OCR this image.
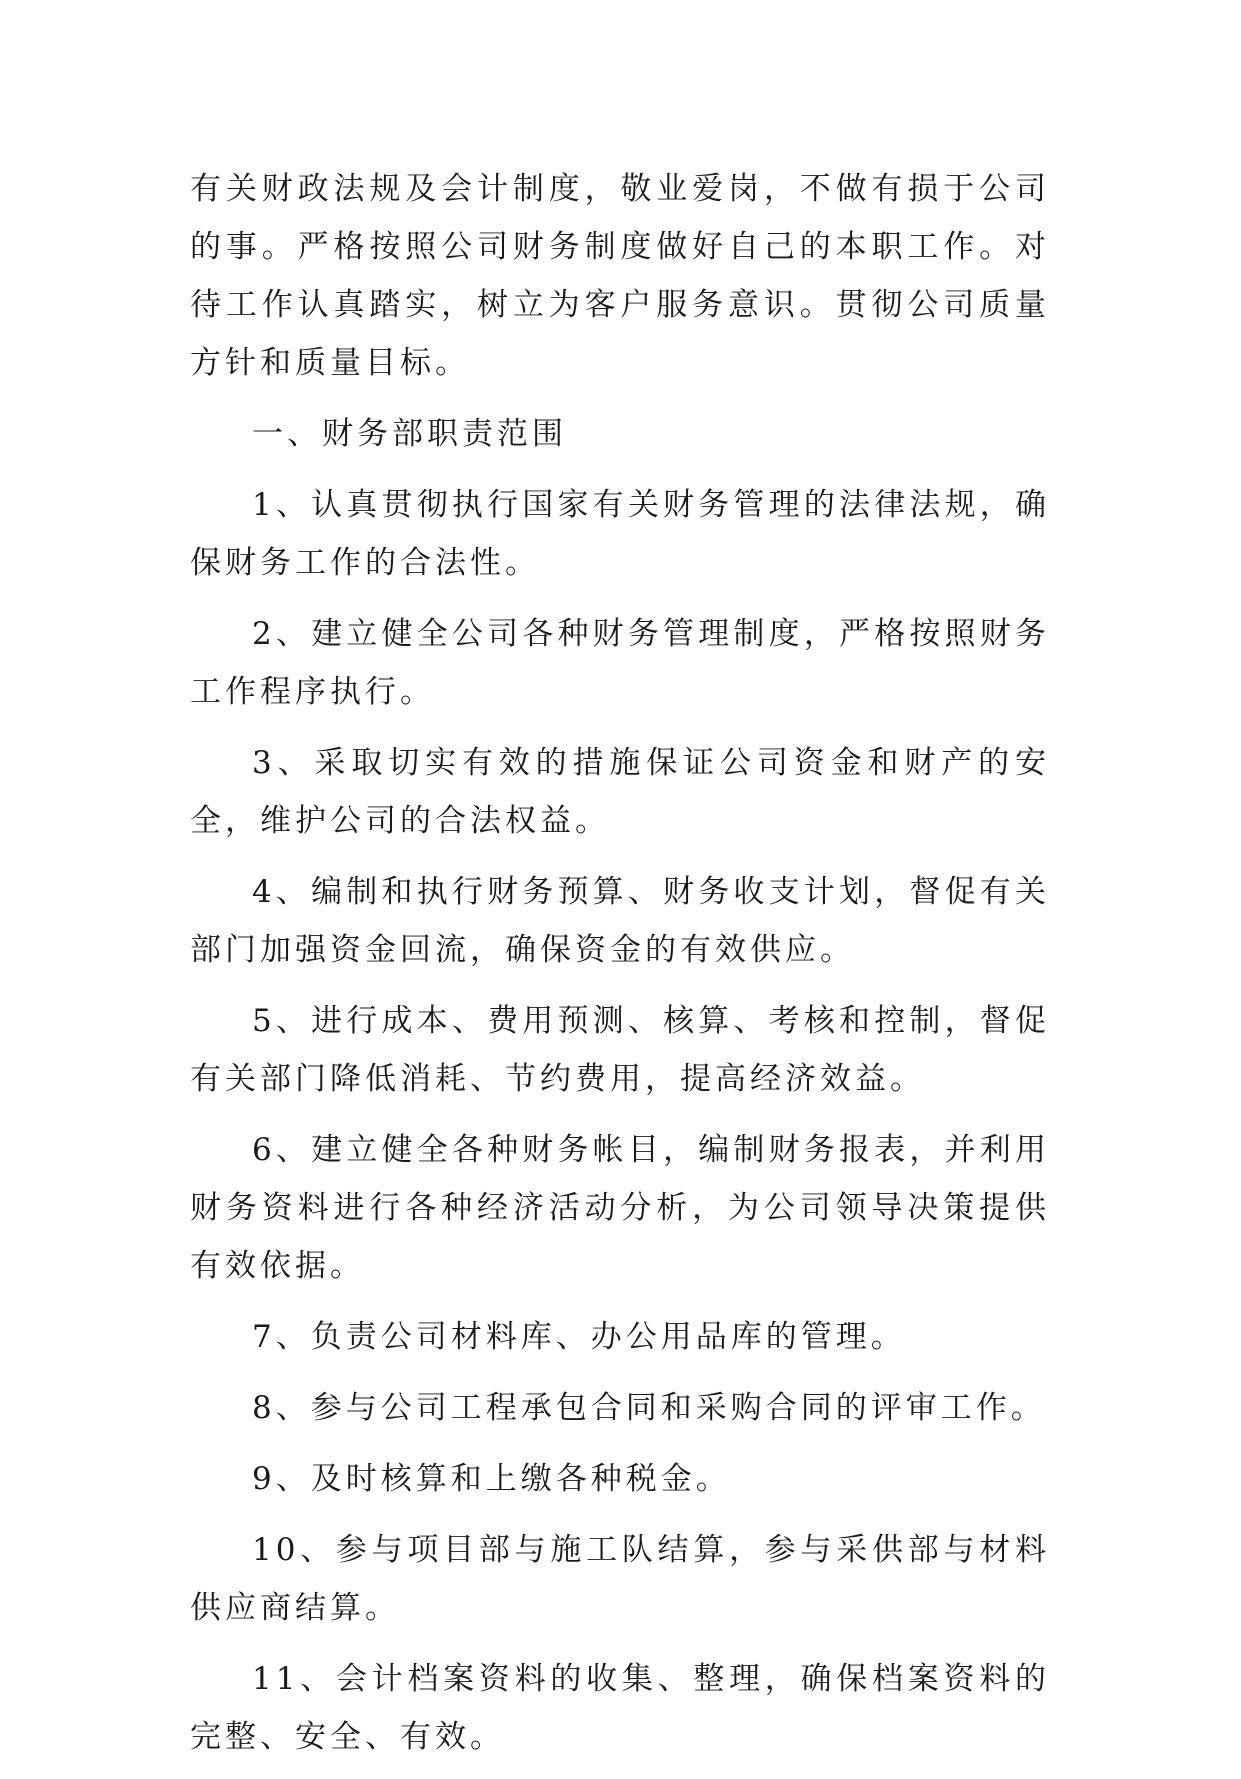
有关财政法规及会计制度，敬业爱岗，不做有损于公司的事。严格按照公司财务制度做好自己的本职工作。对待工作认真踏实，树立为客户服务意识。贯彻公司质量方针和质量目标。

一、财务部职责范围

1、认真贯彻执行国家有关财务管理的法律法规，确保财务工作的合法性。

2、建立健全公司各种财务管理制度，严格按照财务工作程序执行。

3、采取切实有效的措施保证公司资金和财产的安全，维护公司的合法权益。

4、编制和执行财务预算、财务收支计划，督促有关部门加强资金回流，确保资金的有效供应。

5、进行成本、费用预测、核算、考核和控制，督促有关部门降低消耗、节约费用，提高经济效益。

6、建立健全各种财务帐目，编制财务报表，并利用财务资料进行各种经济活动分析，为公司领导决策提供有效依据。

7、负责公司材料库、办公用品库的管理。

8、参与公司工程承包合同和采购合同的评审工作。

9、及时核算和上缴各种税金。

10、参与项目部与施工队结算，参与采供部与材料供应商结算。

11、会计档案资料的收集、整理，确保档案资料的完整、安全、有效。
